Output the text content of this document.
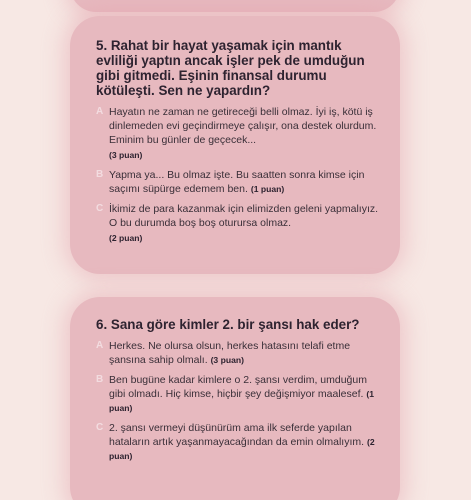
5. Rahat bir hayat yaşamak için mantık evliliği yaptın ancak işler pek de umduğun gibi gitmedi. Eşinin finansal durumu kötüleşti. Sen ne yapardın?
A Hayatın ne zaman ne getireceği belli olmaz. İyi iş, kötü iş dinlemeden evi geçindirmeye çalışır, ona destek olurdum. Eminim bu günler de geçecek...
(3 puan)
B Yapma ya... Bu olmaz işte. Bu saatten sonra kimse için saçımı süpürge edemem ben. (1 puan)
C İkimiz de para kazanmak için elimizden geleni yapmalıyız. O bu durumda boş boş oturursa olmaz.
(2 puan)
6. Sana göre kimler 2. bir şansı hak eder?
A Herkes. Ne olursa olsun, herkes hatasını telafi etme şansına sahip olmalı. (3 puan)
B Ben bugüne kadar kimlere o 2. şansı verdim, umduğum gibi olmadı. Hiç kimse, hiçbir şey değişmiyor maalesef. (1 puan)
C 2. şansı vermeyi düşünürüm ama ilk seferde yapılan hataların artık yaşanmayacağından da emin olmalıyım. (2 puan)
